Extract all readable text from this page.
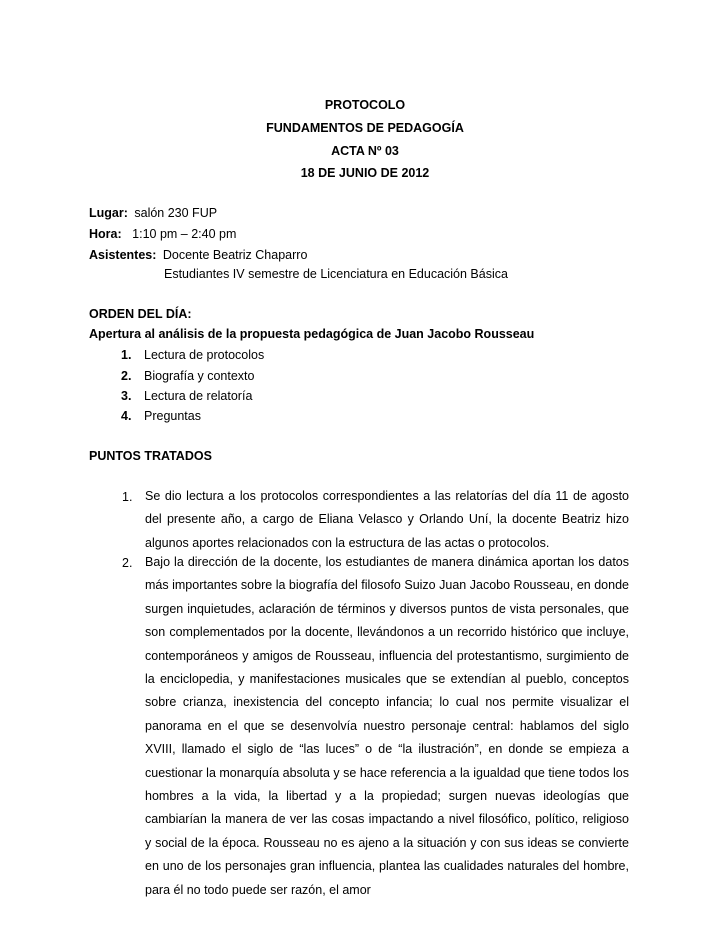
PROTOCOLO
FUNDAMENTOS DE PEDAGOGÍA
ACTA Nº 03
18 DE JUNIO DE 2012
Lugar: salón 230 FUP
Hora: 1:10 pm – 2:40 pm
Asistentes: Docente Beatriz Chaparro
Estudiantes IV semestre de Licenciatura en Educación Básica
ORDEN DEL DÍA:
Apertura al análisis de la propuesta pedagógica de Juan Jacobo Rousseau
1. Lectura de protocolos
2. Biografía y contexto
3. Lectura de relatoría
4. Preguntas
PUNTOS TRATADOS
1. Se dio lectura a los protocolos correspondientes a las relatorías del día 11 de agosto del presente año, a cargo de Eliana Velasco y Orlando Uní, la docente Beatriz hizo algunos aportes relacionados con la estructura de las actas o protocolos.

2. Bajo la dirección de la docente, los estudiantes de manera dinámica aportan los datos más importantes sobre la biografía del filosofo Suizo Juan Jacobo Rousseau, en donde surgen inquietudes, aclaración de términos y diversos puntos de vista personales, que son complementados por la docente, llevándonos a un recorrido histórico que incluye, contemporáneos y amigos de Rousseau, influencia del protestantismo, surgimiento de la enciclopedia, y manifestaciones musicales que se extendían al pueblo, conceptos sobre crianza, inexistencia del concepto infancia; lo cual nos permite visualizar el panorama en el que se desenvolvía nuestro personaje central: hablamos del siglo XVIII, llamado el siglo de “las luces” o de “la ilustración”, en donde se empieza a cuestionar la monarquía absoluta y se hace referencia a la igualdad que tiene todos los hombres a la vida, la libertad y a la propiedad; surgen nuevas ideologías que cambiarían la manera de ver las cosas impactando a nivel filosófico, político, religioso y social de la época. Rousseau no es ajeno a la situación y con sus ideas se convierte en uno de los personajes gran influencia, plantea las cualidades naturales del hombre, para él no todo puede ser razón, el amor
